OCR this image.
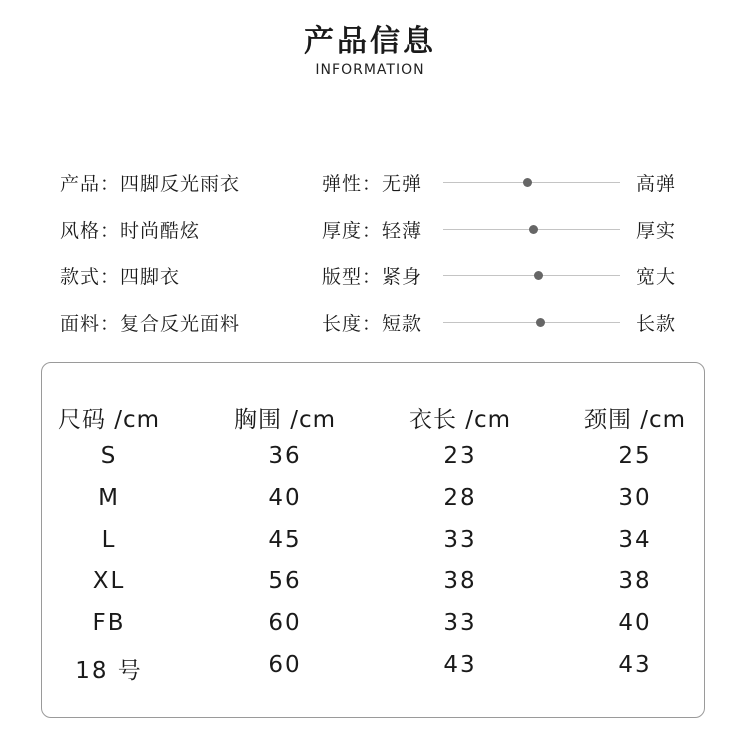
产品信息
INFORMATION
产品：四脚反光雨衣	弹性：无弹	高弹
风格：时尚酷炫	厚度：轻薄	厚实
款式：四脚衣	版型：紧身	宽大
面料：复合反光面料	长度：短款	长款
尺码 /cm	胸围 /cm	衣长 /cm	颈围 /cm
S	36	23	25
M	40	28	30
L	45	33	34
XL	56	38	38
FB	60	33	40
18 号	60	43	43
